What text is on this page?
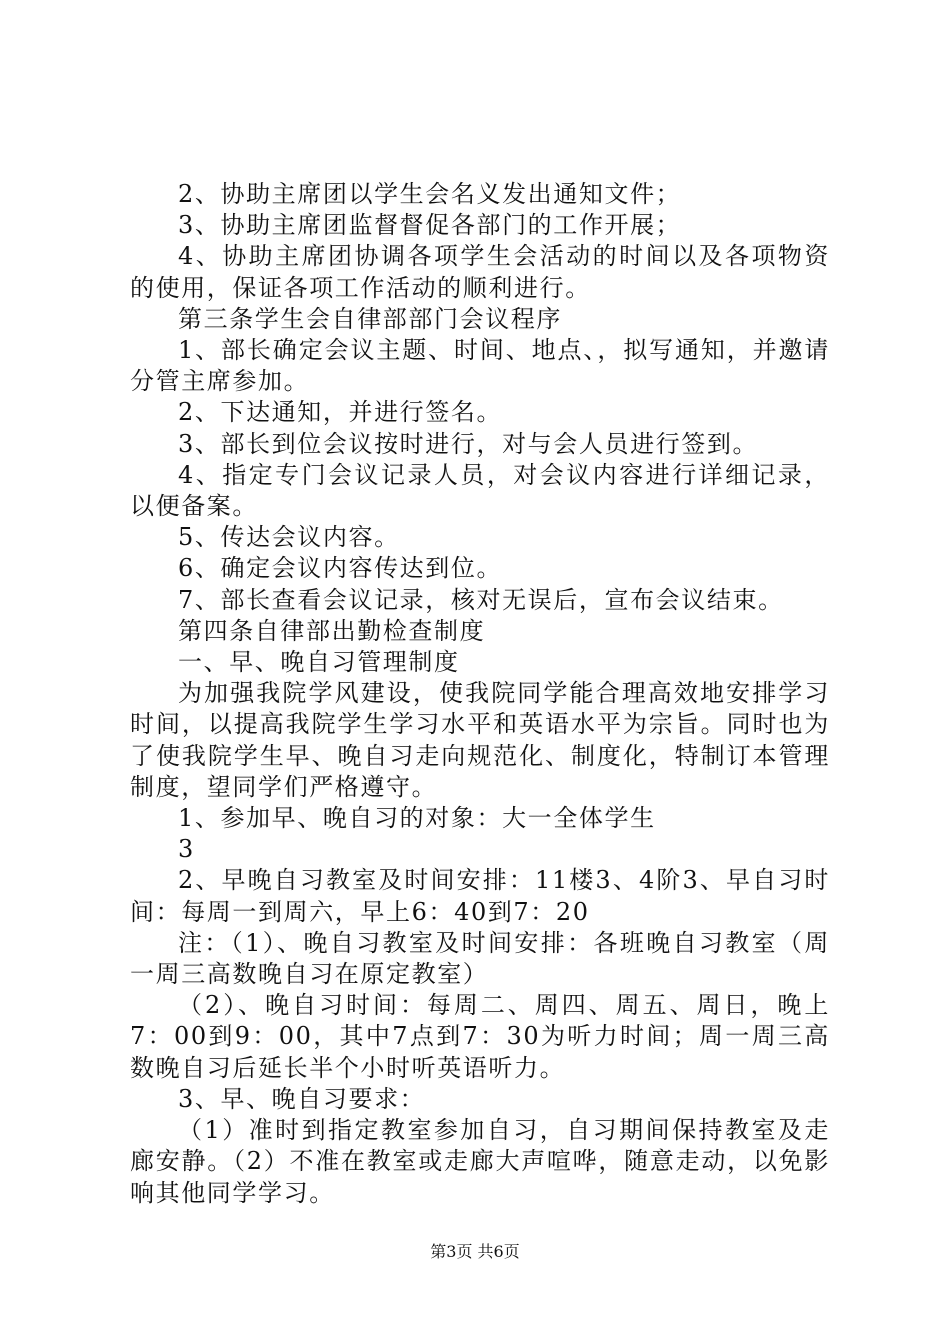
2、协助主席团以学生会名义发出通知文件；

3、协助主席团监督督促各部门的工作开展；

4、协助主席团协调各项学生会活动的时间以及各项物资的使用，保证各项工作活动的顺利进行。

第三条学生会自律部部门会议程序

1、部长确定会议主题、时间、地点、，拟写通知，并邀请分管主席参加。

2、下达通知，并进行签名。

3、部长到位会议按时进行，对与会人员进行签到。

4、指定专门会议记录人员，对会议内容进行详细记录，以便备案。

5、传达会议内容。

6、确定会议内容传达到位。

7、部长查看会议记录，核对无误后，宣布会议结束。

第四条自律部出勤检查制度

一、早、晚自习管理制度

为加强我院学风建设，使我院同学能合理高效地安排学习时间，以提高我院学生学习水平和英语水平为宗旨。同时也为了使我院学生早、晚自习走向规范化、制度化，特制订本管理制度，望同学们严格遵守。

1、参加早、晚自习的对象：大一全体学生

3

2、早晚自习教室及时间安排：11楼3、4阶3、早自习时间：每周一到周六，早上6：40到7：20

注：（1）、晚自习教室及时间安排：各班晚自习教室（周一周三高数晚自习在原定教室）

（2）、晚自习时间：每周二、周四、周五、周日，晚上7：00到9：00，其中7点到7：30为听力时间；周一周三高数晚自习后延长半个小时听英语听力。

3、早、晚自习要求：

（1）准时到指定教室参加自习，自习期间保持教室及走廊安静。（2）不准在教室或走廊大声喧哗，随意走动，以免影响其他同学学习。

第3页 共6页
